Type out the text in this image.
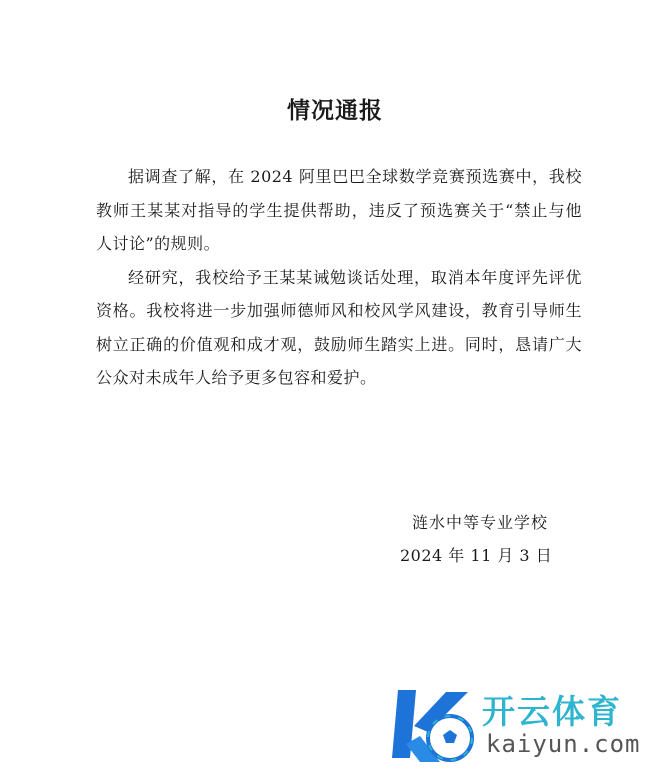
情况通报

据调查了解，在 2024 阿里巴巴全球数学竞赛预选赛中，我校教师王某某对指导的学生提供帮助，违反了预选赛关于“禁止与他人讨论”的规则。

经研究，我校给予王某某诫勉谈话处理，取消本年度评先评优资格。我校将进一步加强师德师风和校风学风建设，教育引导师生树立正确的价值观和成才观，鼓励师生踏实上进。同时，恳请广大公众对未成年人给予更多包容和爱护。

涟水中等专业学校
2024 年 11 月 3 日
开云体育
kaiyun.com
